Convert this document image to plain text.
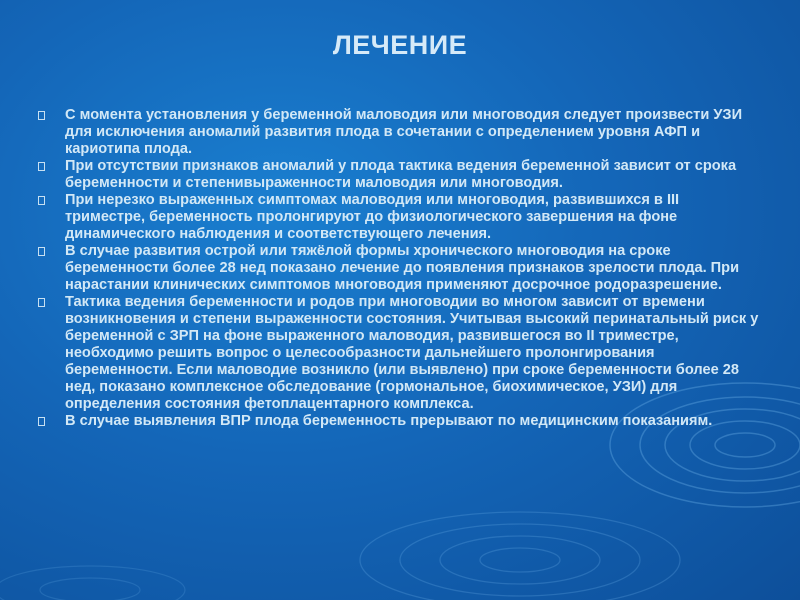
ЛЕЧЕНИЕ
С момента установления у беременной маловодия или многоводия следует произвести УЗИ для исключения аномалий развития плода в сочетании с определением уровня АФП и кариотипа плода.
При отсутствии признаков аномалий у плода тактика ведения беременной зависит от срока беременности и степенивыраженности маловодия или многоводия.
При нерезко выраженных симптомах маловодия или многоводия, развившихся в III триместре, беременность пролонгируют до физиологического завершения на фоне динамического наблюдения и соответствующего лечения.
В случае развития острой или тяжёлой формы хронического многоводия на сроке беременности более 28 нед показано лечение до появления признаков зрелости плода. При нарастании клинических симптомов многоводия применяют досрочное родоразрешение.
Тактика ведения беременности и родов при многоводии во многом зависит от времени возникновения и степени выраженности состояния. Учитывая высокий перинатальный риск у беременной с ЗРП на фоне выраженного маловодия, развившегося во II триместре, необходимо решить вопрос о целесообразности дальнейшего пролонгирования беременности. Если маловодие возникло (или выявлено) при сроке беременности более 28 нед, показано комплексное обследование (гормональное, биохимическое, УЗИ) для определения состояния фетоплацентарного комплекса.
В случае выявления ВПР плода беременность прерывают по медицинским показаниям.
